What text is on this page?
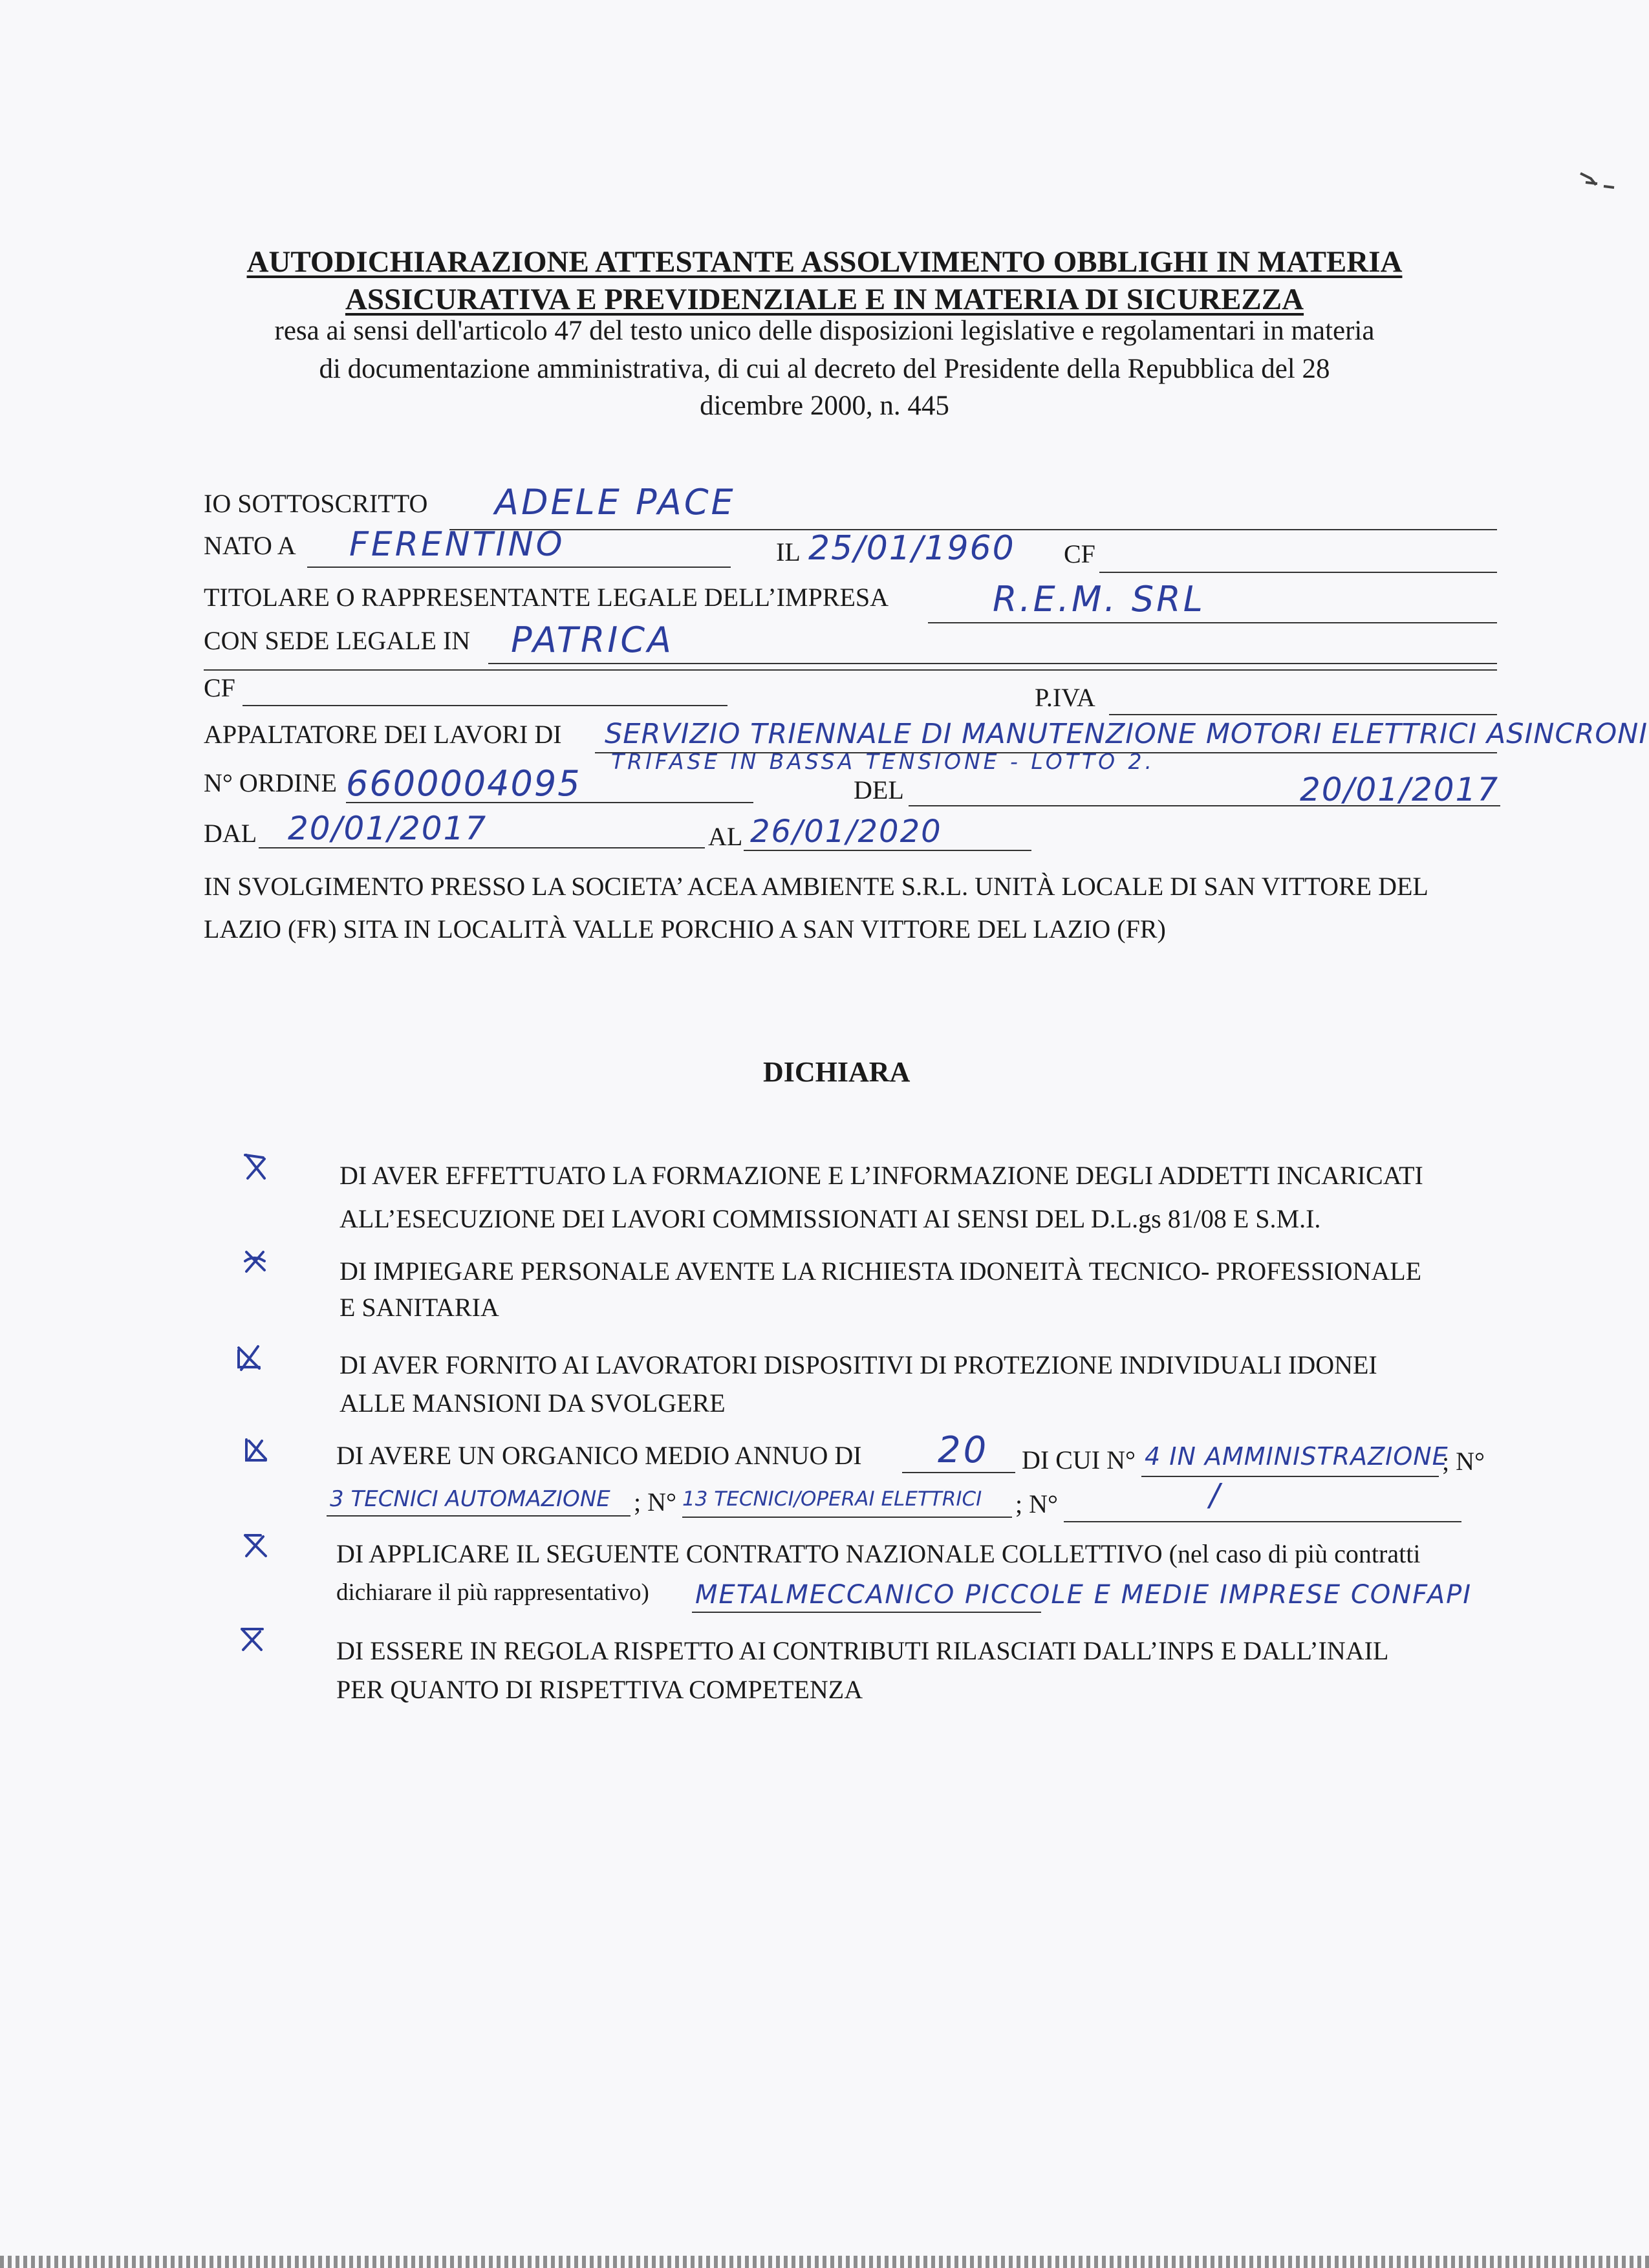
AUTODICHIARAZIONE ATTESTANTE ASSOLVIMENTO OBBLIGHI IN MATERIA
ASSICURATIVA E PREVIDENZIALE E IN MATERIA DI SICUREZZA
resa ai sensi dell'articolo 47 del testo unico delle disposizioni legislative e regolamentari in materia
di documentazione amministrativa, di cui al decreto del Presidente della Repubblica del 28
dicembre 2000, n. 445
IO SOTTOSCRITTO ADELE PACE
NATO A FERENTINO	IL 25/01/1960 CF
TITOLARE O RAPPRESENTANTE LEGALE DELL’IMPRESA	R.E.M. SRL
CON SEDE LEGALE IN PATRICA
CF	P.IVA
APPALTATORE DEI LAVORI DI SERVIZIO TRIENNALE DI MANUTENZIONE MOTORI ELETTRICI ASINCRONI
TRIFASE IN BASSA TENSIONE - LOTTO 2.
N° ORDINE 6600004095	DEL	20/01/2017
DAL 20/01/2017	AL 26/01/2020
IN SVOLGIMENTO PRESSO LA SOCIETA’ ACEA AMBIENTE S.R.L. UNITÀ LOCALE DI SAN VITTORE DEL
LAZIO (FR) SITA IN LOCALITÀ VALLE PORCHIO A SAN VITTORE DEL LAZIO (FR)
DICHIARA
DI AVER EFFETTUATO LA FORMAZIONE E L’INFORMAZIONE DEGLI ADDETTI INCARICATI
ALL’ESECUZIONE DEI LAVORI COMMISSIONATI AI SENSI DEL D.L.gs 81/08 E S.M.I.
DI IMPIEGARE PERSONALE AVENTE LA RICHIESTA IDONEITÀ TECNICO- PROFESSIONALE
E SANITARIA
DI AVER FORNITO AI LAVORATORI DISPOSITIVI DI PROTEZIONE INDIVIDUALI IDONEI
ALLE MANSIONI DA SVOLGERE
DI AVERE UN ORGANICO MEDIO ANNUO DI 20 DI CUI N° 4 IN AMMINISTRAZIONE
; N°
3 TECNICI AUTOMAZIONE ; N° 13 TECNICI/OPERAI ELETTRICI ; N°	/
DI APPLICARE IL SEGUENTE CONTRATTO NAZIONALE COLLETTIVO (nel caso di più contratti
dichiarare il più rappresentativo) METALMECCANICO PICCOLE E MEDIE IMPRESE CONFAPI
DI ESSERE IN REGOLA RISPETTO AI CONTRIBUTI RILASCIATI DALL’INPS E DALL’INAIL
PER QUANTO DI RISPETTIVA COMPETENZA
